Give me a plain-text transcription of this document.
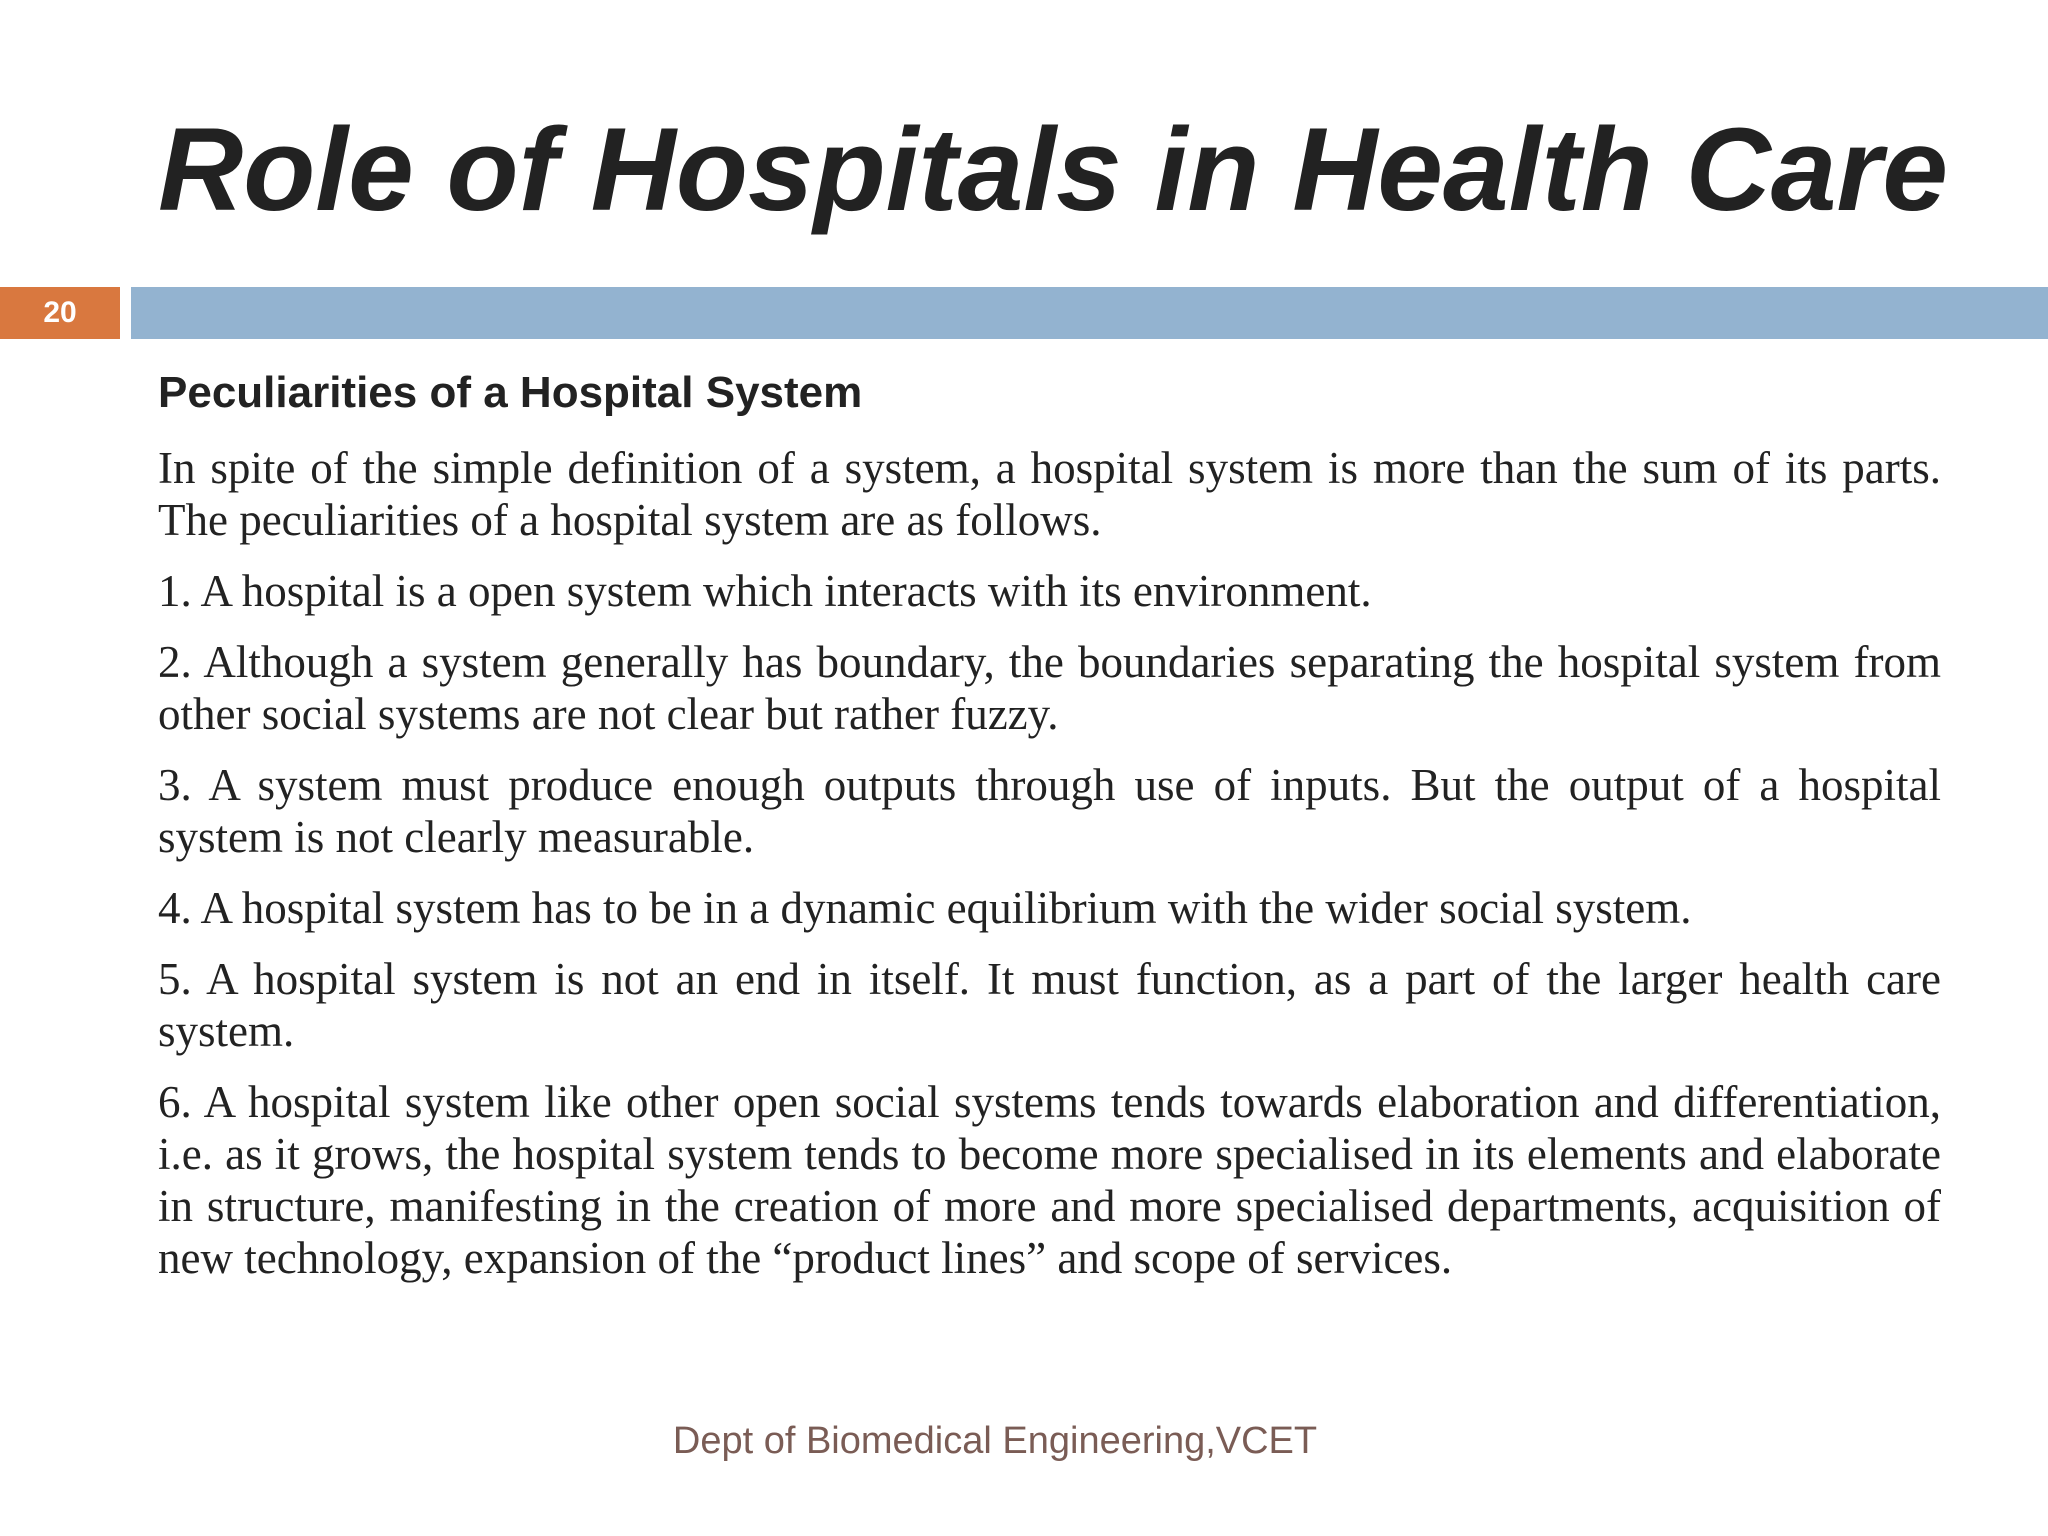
Role of Hospitals in Health Care
20
Peculiarities of a Hospital System

In spite of the simple definition of a system, a hospital system is more than the sum of its parts. The peculiarities of a hospital system are as follows.

1. A hospital is a open system which interacts with its environment.

2. Although a system generally has boundary, the boundaries separating the hospital system from other social systems are not clear but rather fuzzy.

3. A system must produce enough outputs through use of inputs. But the output of a hospital system is not clearly measurable.

4. A hospital system has to be in a dynamic equilibrium with the wider social system.

5. A hospital system is not an end in itself. It must function, as a part of the larger health care system.

6. A hospital system like other open social systems tends towards elaboration and differentiation, i.e. as it grows, the hospital system tends to become more specialised in its elements and elaborate in structure, manifesting in the creation of more and more specialised departments, acquisition of new technology, expansion of the “product lines” and scope of services.

Dept of Biomedical Engineering,VCET
